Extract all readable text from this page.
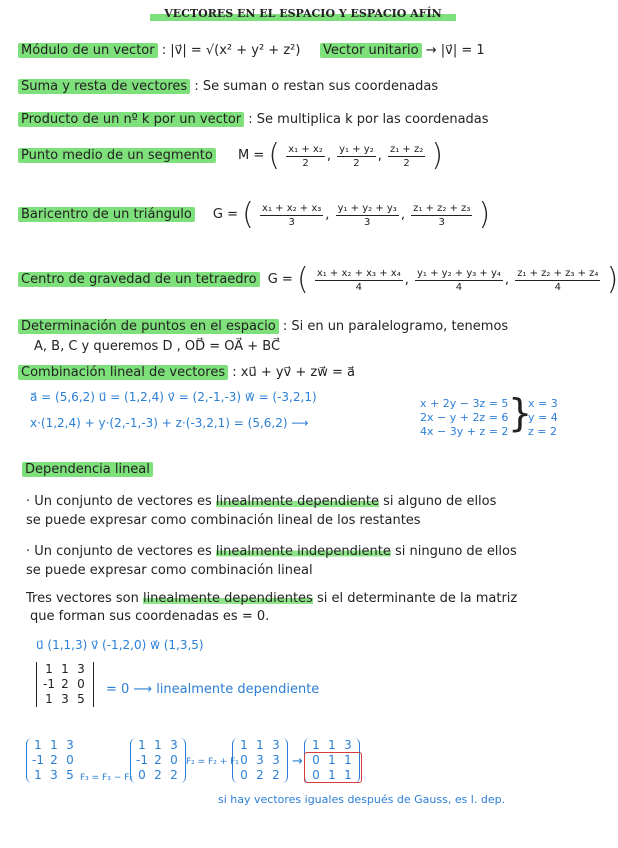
VECTORES EN EL ESPACIO Y ESPACIO AFÍN
Módulo de un vector : |v⃗| = √(x² + y² + z²) Vector unitario → |v⃗| = 1
Suma y resta de vectores : Se suman o restan sus coordenadas
Producto de un nº k por un vector : Se multiplica k por las coordenadas
Punto medio de un segmento M = ( $\frac{\text{x₁ + x₂}}{2}$ , $\frac{\text{y₁ + y₂}}{2}$ , $\frac{\text{z₁ + z₂}}{2}$ )
Baricentro de un triángulo G = ( $\frac{\text{x₁ + x₂ + x₃}}{3}$ , $\frac{\text{y₁ + y₂ + y₃}}{3}$ , $\frac{\text{z₁ + z₂ + z₃}}{3}$ )
Centro de gravedad de un tetraedro G = ( $\frac{\text{x₁ + x₂ + x₃ + x₄}}{4}$ , $\frac{\text{y₁ + y₂ + y₃ + y₄}}{4}$ , $\frac{\text{z₁ + z₂ + z₃ + z₄}}{4}$ )
Determinación de puntos en el espacio : Si en un paralelogramo, tenemos
A, B, C y queremos D , OD⃗ = OA⃗ + BC⃗
Combinación lineal de vectores : xu⃗ + yv⃗ + zw⃗ = a⃗
a⃗ = (5,6,2) u⃗ = (1,2,4) v⃗ = (2,-1,-3) w⃗ = (-3,2,1)
x·(1,2,4) + y·(2,-1,-3) + z·(-3,2,1) = (5,6,2) ⟶
x + 2y − 3z = 5
2x − y + 2z = 6
4x − 3y + z = 2 }
x = 3
y = 4
z = 2
Dependencia lineal
· Un conjunto de vectores es linealmente dependiente si alguno de ellos
se puede expresar como combinación lineal de los restantes
· Un conjunto de vectores es linealmente independiente si ninguno de ellos
se puede expresar como combinación lineal
Tres vectores son linealmente dependientes si el determinante de la matriz
que forman sus coordenadas es = 0.
u⃗ (1,1,3) v⃗ (-1,2,0) w⃗ (1,3,5)
1 1 3
-1 2 0
1 3 5
= 0 ⟶ linealmente dependiente
1 1 3
-1 2 0
1 3 5 F₃ = F₃ − F₁
1 1 3
-1 2 0
0 2 2
F₂ = F₂ + F₁
1 1 3
0 3 3
0 2 2
→
1 1 3
0 1 1
0 1 1
si hay vectores iguales después de Gauss, es l. dep.
